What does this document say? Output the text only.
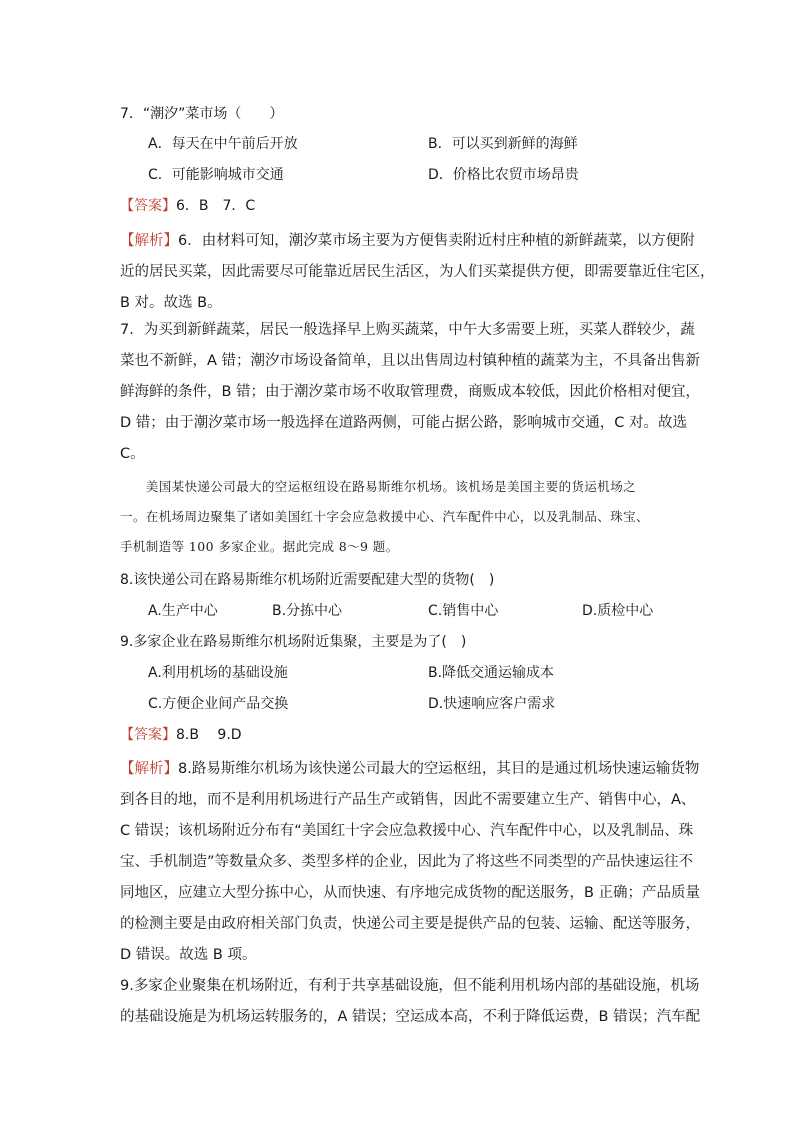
7．“潮汐”菜市场（　　）
A．每天在中午前后开放	B．可以买到新鲜的海鲜
C．可能影响城市交通	D．价格比农贸市场昂贵
【答案】6．B　7．C

【解析】6．由材料可知，潮汐菜市场主要为方便售卖附近村庄种植的新鲜蔬菜，以方便附

近的居民买菜，因此需要尽可能靠近居民生活区，为人们买菜提供方便，即需要靠近住宅区，

B 对。故选 B。

7．为买到新鲜蔬菜，居民一般选择早上购买蔬菜，中午大多需要上班，买菜人群较少，蔬

菜也不新鲜，A 错；潮汐市场设备简单，且以出售周边村镇种植的蔬菜为主，不具备出售新

鲜海鲜的条件，B 错；由于潮汐菜市场不收取管理费，商贩成本较低，因此价格相对便宜，

D 错；由于潮汐菜市场一般选择在道路两侧，可能占据公路，影响城市交通，C 对。故选

C。

　　美国某快递公司最大的空运枢纽设在路易斯维尔机场。该机场是美国主要的货运机场之

一。在机场周边聚集了诸如美国红十字会应急救援中心、汽车配件中心，以及乳制品、珠宝、

手机制造等 100 多家企业。据此完成 8～9 题。

8.该快递公司在路易斯维尔机场附近需要配建大型的货物(　)
A.生产中心	B.分拣中心	C.销售中心	D.质检中心
9.多家企业在路易斯维尔机场附近集聚，主要是为了(　)
A.利用机场的基础设施	B.降低交通运输成本
C.方便企业间产品交换	D.快速响应客户需求
【答案】8.B　 9.D

【解析】8.路易斯维尔机场为该快递公司最大的空运枢纽，其目的是通过机场快速运输货物

到各目的地，而不是利用机场进行产品生产或销售，因此不需要建立生产、销售中心，A、

C 错误；该机场附近分布有“美国红十字会应急救援中心、汽车配件中心，以及乳制品、珠

宝、手机制造”等数量众多、类型多样的企业，因此为了将这些不同类型的产品快速运往不

同地区，应建立大型分拣中心，从而快速、有序地完成货物的配送服务，B 正确；产品质量

的检测主要是由政府相关部门负责，快递公司主要是提供产品的包装、运输、配送等服务，

D 错误。故选 B 项。

9.多家企业聚集在机场附近，有利于共享基础设施，但不能利用机场内部的基础设施，机场

的基础设施是为机场运转服务的，A 错误；空运成本高，不利于降低运费，B 错误；汽车配
